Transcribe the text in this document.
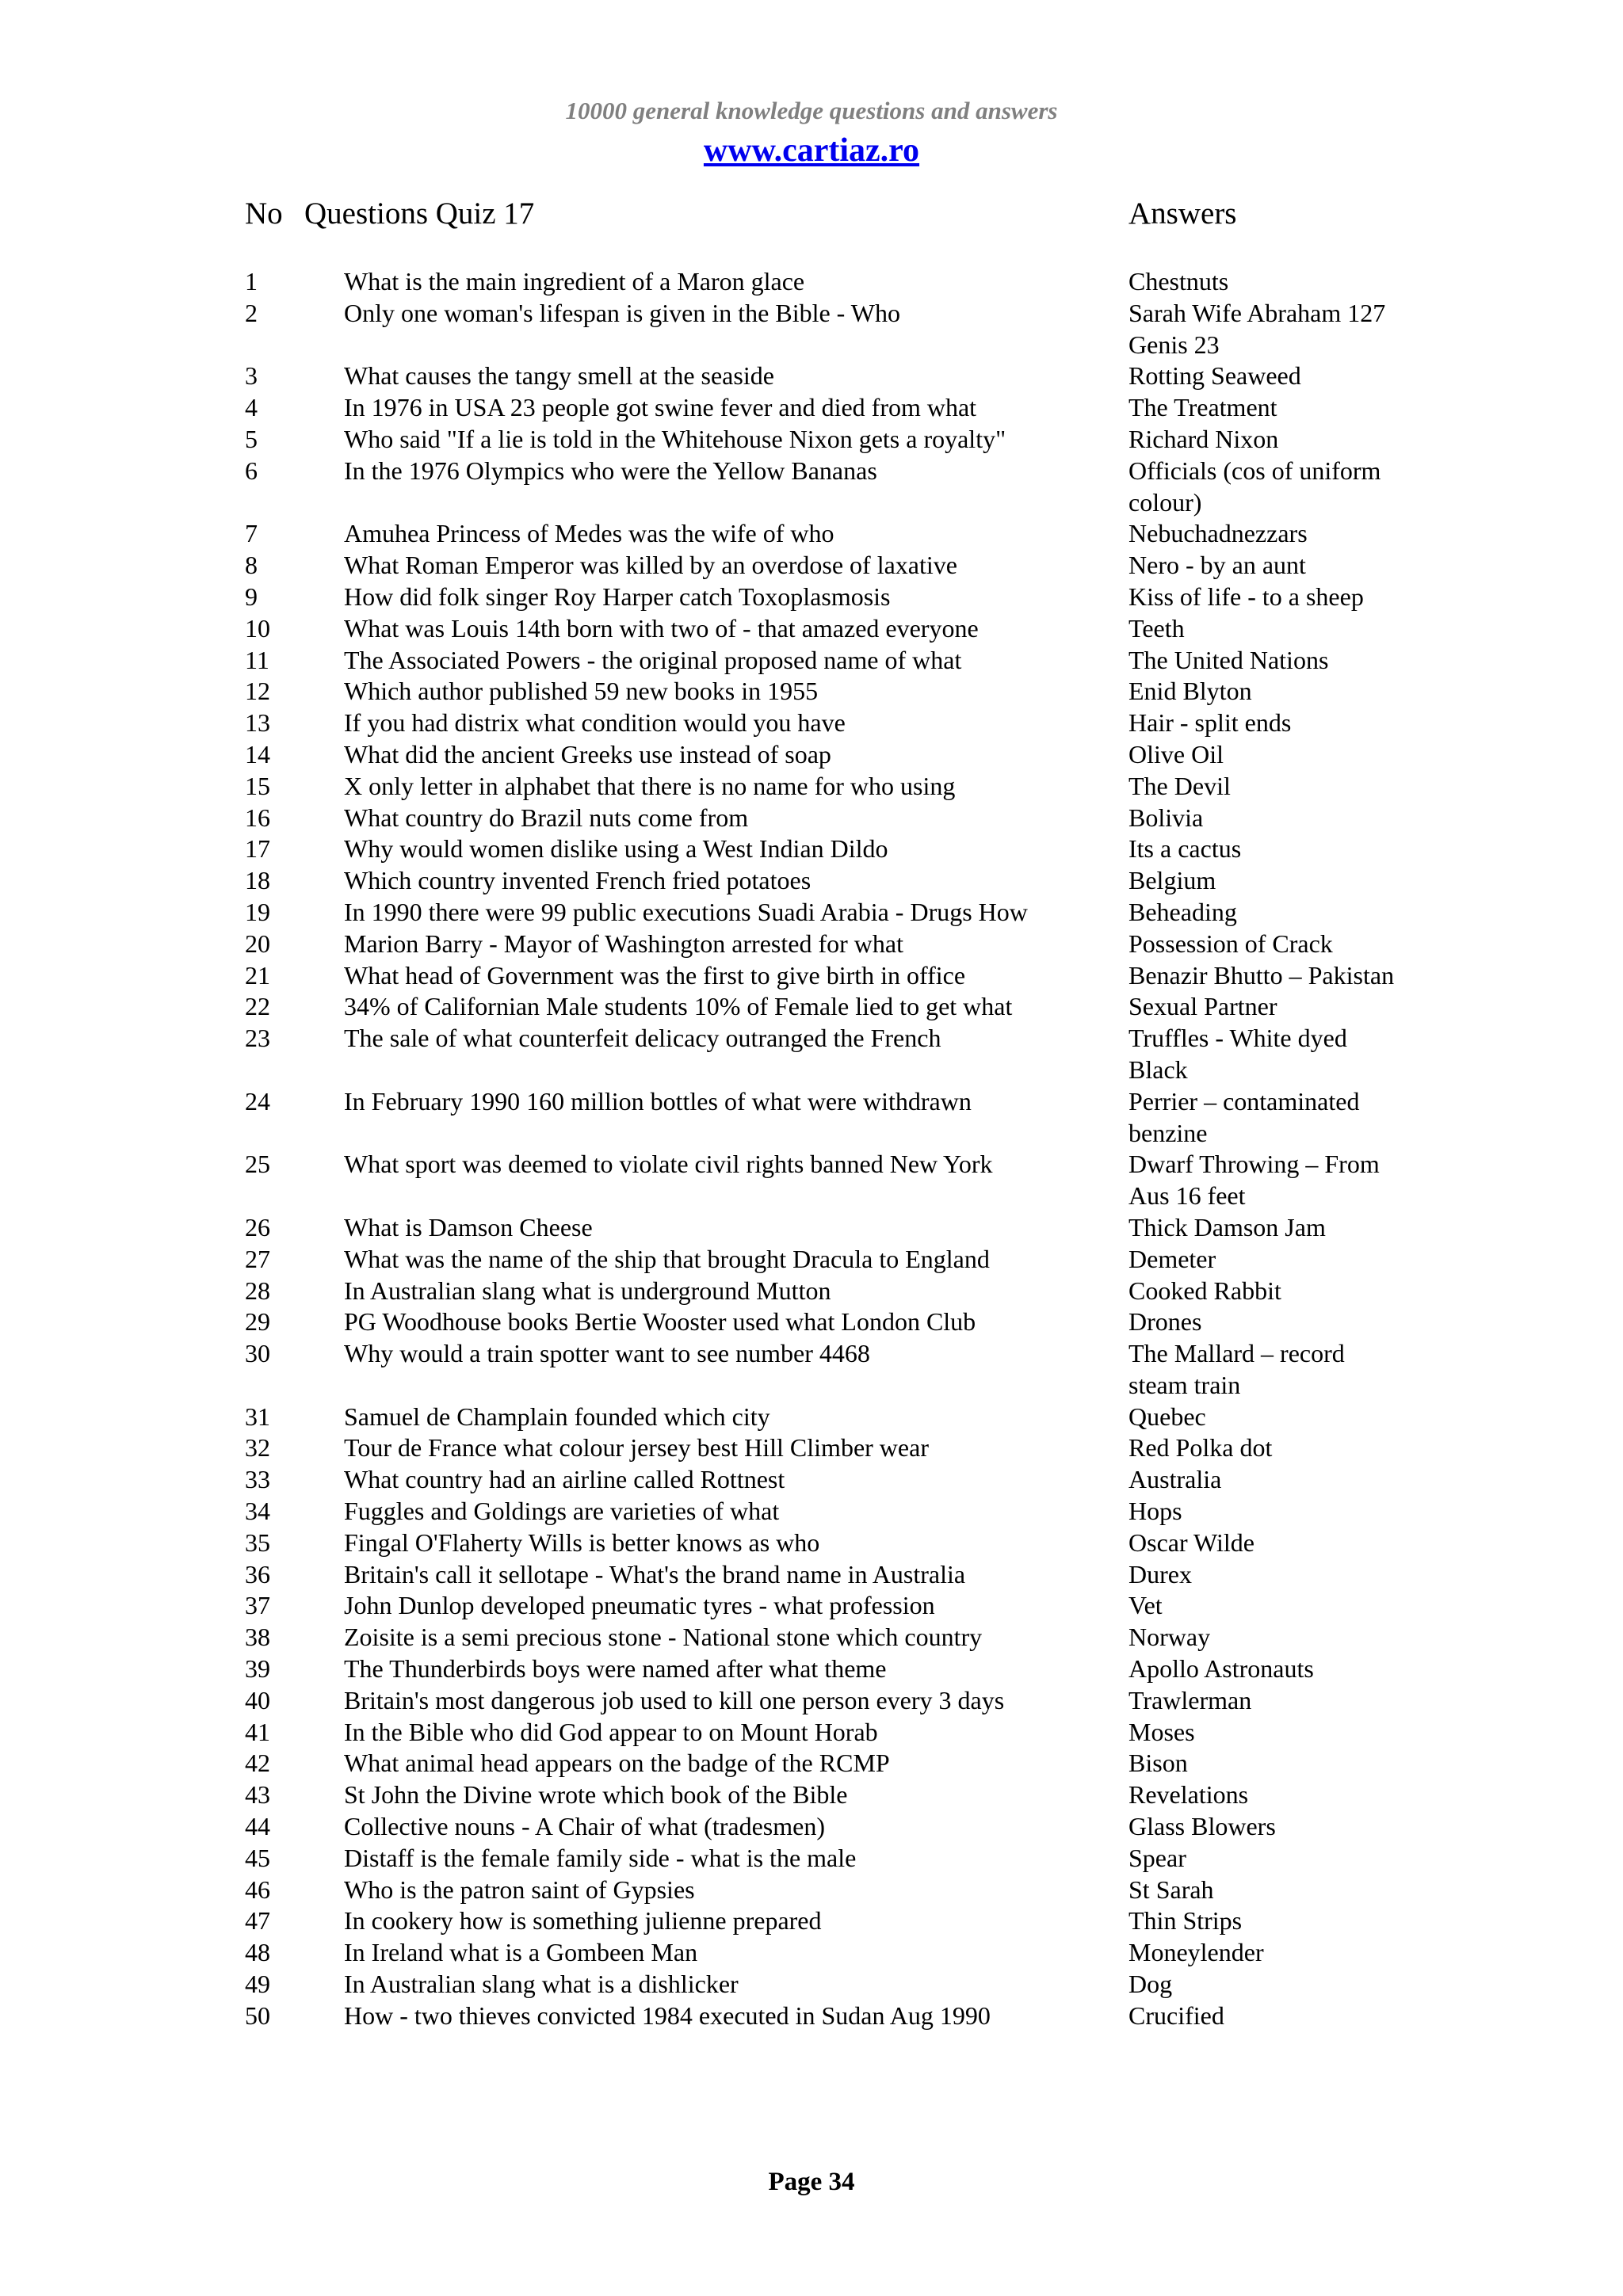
10000 general knowledge questions and answers
www.cartiaz.ro
No Questions Quiz 17	Answers
1	What is the main ingredient of a Maron glace	Chestnuts
2	Only one woman's lifespan is given in the Bible - Who	Sarah Wife Abraham 127 Genis 23
3	What causes the tangy smell at the seaside	Rotting Seaweed
4	In 1976 in USA 23 people got swine fever and died from what	The Treatment
5	Who said "If a lie is told in the Whitehouse Nixon gets a royalty"	Richard Nixon
6	In the 1976 Olympics who were the Yellow Bananas	Officials (cos of uniform colour)
7	Amuhea Princess of Medes was the wife of who	Nebuchadnezzars
8	What Roman Emperor was killed by an overdose of laxative	Nero - by an aunt
9	How did folk singer Roy Harper catch Toxoplasmosis	Kiss of life - to a sheep
10	What was Louis 14th born with two of - that amazed everyone	Teeth
11	The Associated Powers - the original proposed name of what	The United Nations
12	Which author published 59 new books in 1955	Enid Blyton
13	If you had distrix what condition would you have	Hair - split ends
14	What did the ancient Greeks use instead of soap	Olive Oil
15	X only letter in alphabet that there is no name for who using	The Devil
16	What country do Brazil nuts come from	Bolivia
17	Why would women dislike using a West Indian Dildo	Its a cactus
18	Which country invented French fried potatoes	Belgium
19	In 1990 there were 99 public executions Suadi Arabia - Drugs How	Beheading
20	Marion Barry - Mayor of Washington arrested for what	Possession of Crack
21	What head of Government was the first to give birth in office	Benazir Bhutto – Pakistan
22	34% of Californian Male students 10% of Female lied to get what	Sexual Partner
23	The sale of what counterfeit delicacy outranged the French	Truffles - White dyed Black
24	In February 1990 160 million bottles of what were withdrawn	Perrier – contaminated benzine
25	What sport was deemed to violate civil rights banned New York	Dwarf Throwing – From Aus 16 feet
26	What is Damson Cheese	Thick Damson Jam
27	What was the name of the ship that brought Dracula to England	Demeter
28	In Australian slang what is underground Mutton	Cooked Rabbit
29	PG Woodhouse books Bertie Wooster used what London Club	Drones
30	Why would a train spotter want to see number 4468	The Mallard – record steam train
31	Samuel de Champlain founded which city	Quebec
32	Tour de France what colour jersey best Hill Climber wear	Red Polka dot
33	What country had an airline called Rottnest	Australia
34	Fuggles and Goldings are varieties of what	Hops
35	Fingal O'Flaherty Wills is better knows as who	Oscar Wilde
36	Britain's call it sellotape - What's the brand name in Australia	Durex
37	John Dunlop developed pneumatic tyres - what profession	Vet
38	Zoisite is a semi precious stone - National stone which country	Norway
39	The Thunderbirds boys were named after what theme	Apollo Astronauts
40	Britain's most dangerous job used to kill one person every 3 days	Trawlerman
41	In the Bible who did God appear to on Mount Horab	Moses
42	What animal head appears on the badge of the RCMP	Bison
43	St John the Divine wrote which book of the Bible	Revelations
44	Collective nouns - A Chair of what (tradesmen)	Glass Blowers
45	Distaff is the female family side - what is the male	Spear
46	Who is the patron saint of Gypsies	St Sarah
47	In cookery how is something julienne prepared	Thin Strips
48	In Ireland what is a Gombeen Man	Moneylender
49	In Australian slang what is a dishlicker	Dog
50	How - two thieves convicted 1984 executed in Sudan Aug 1990	Crucified
Page 34
